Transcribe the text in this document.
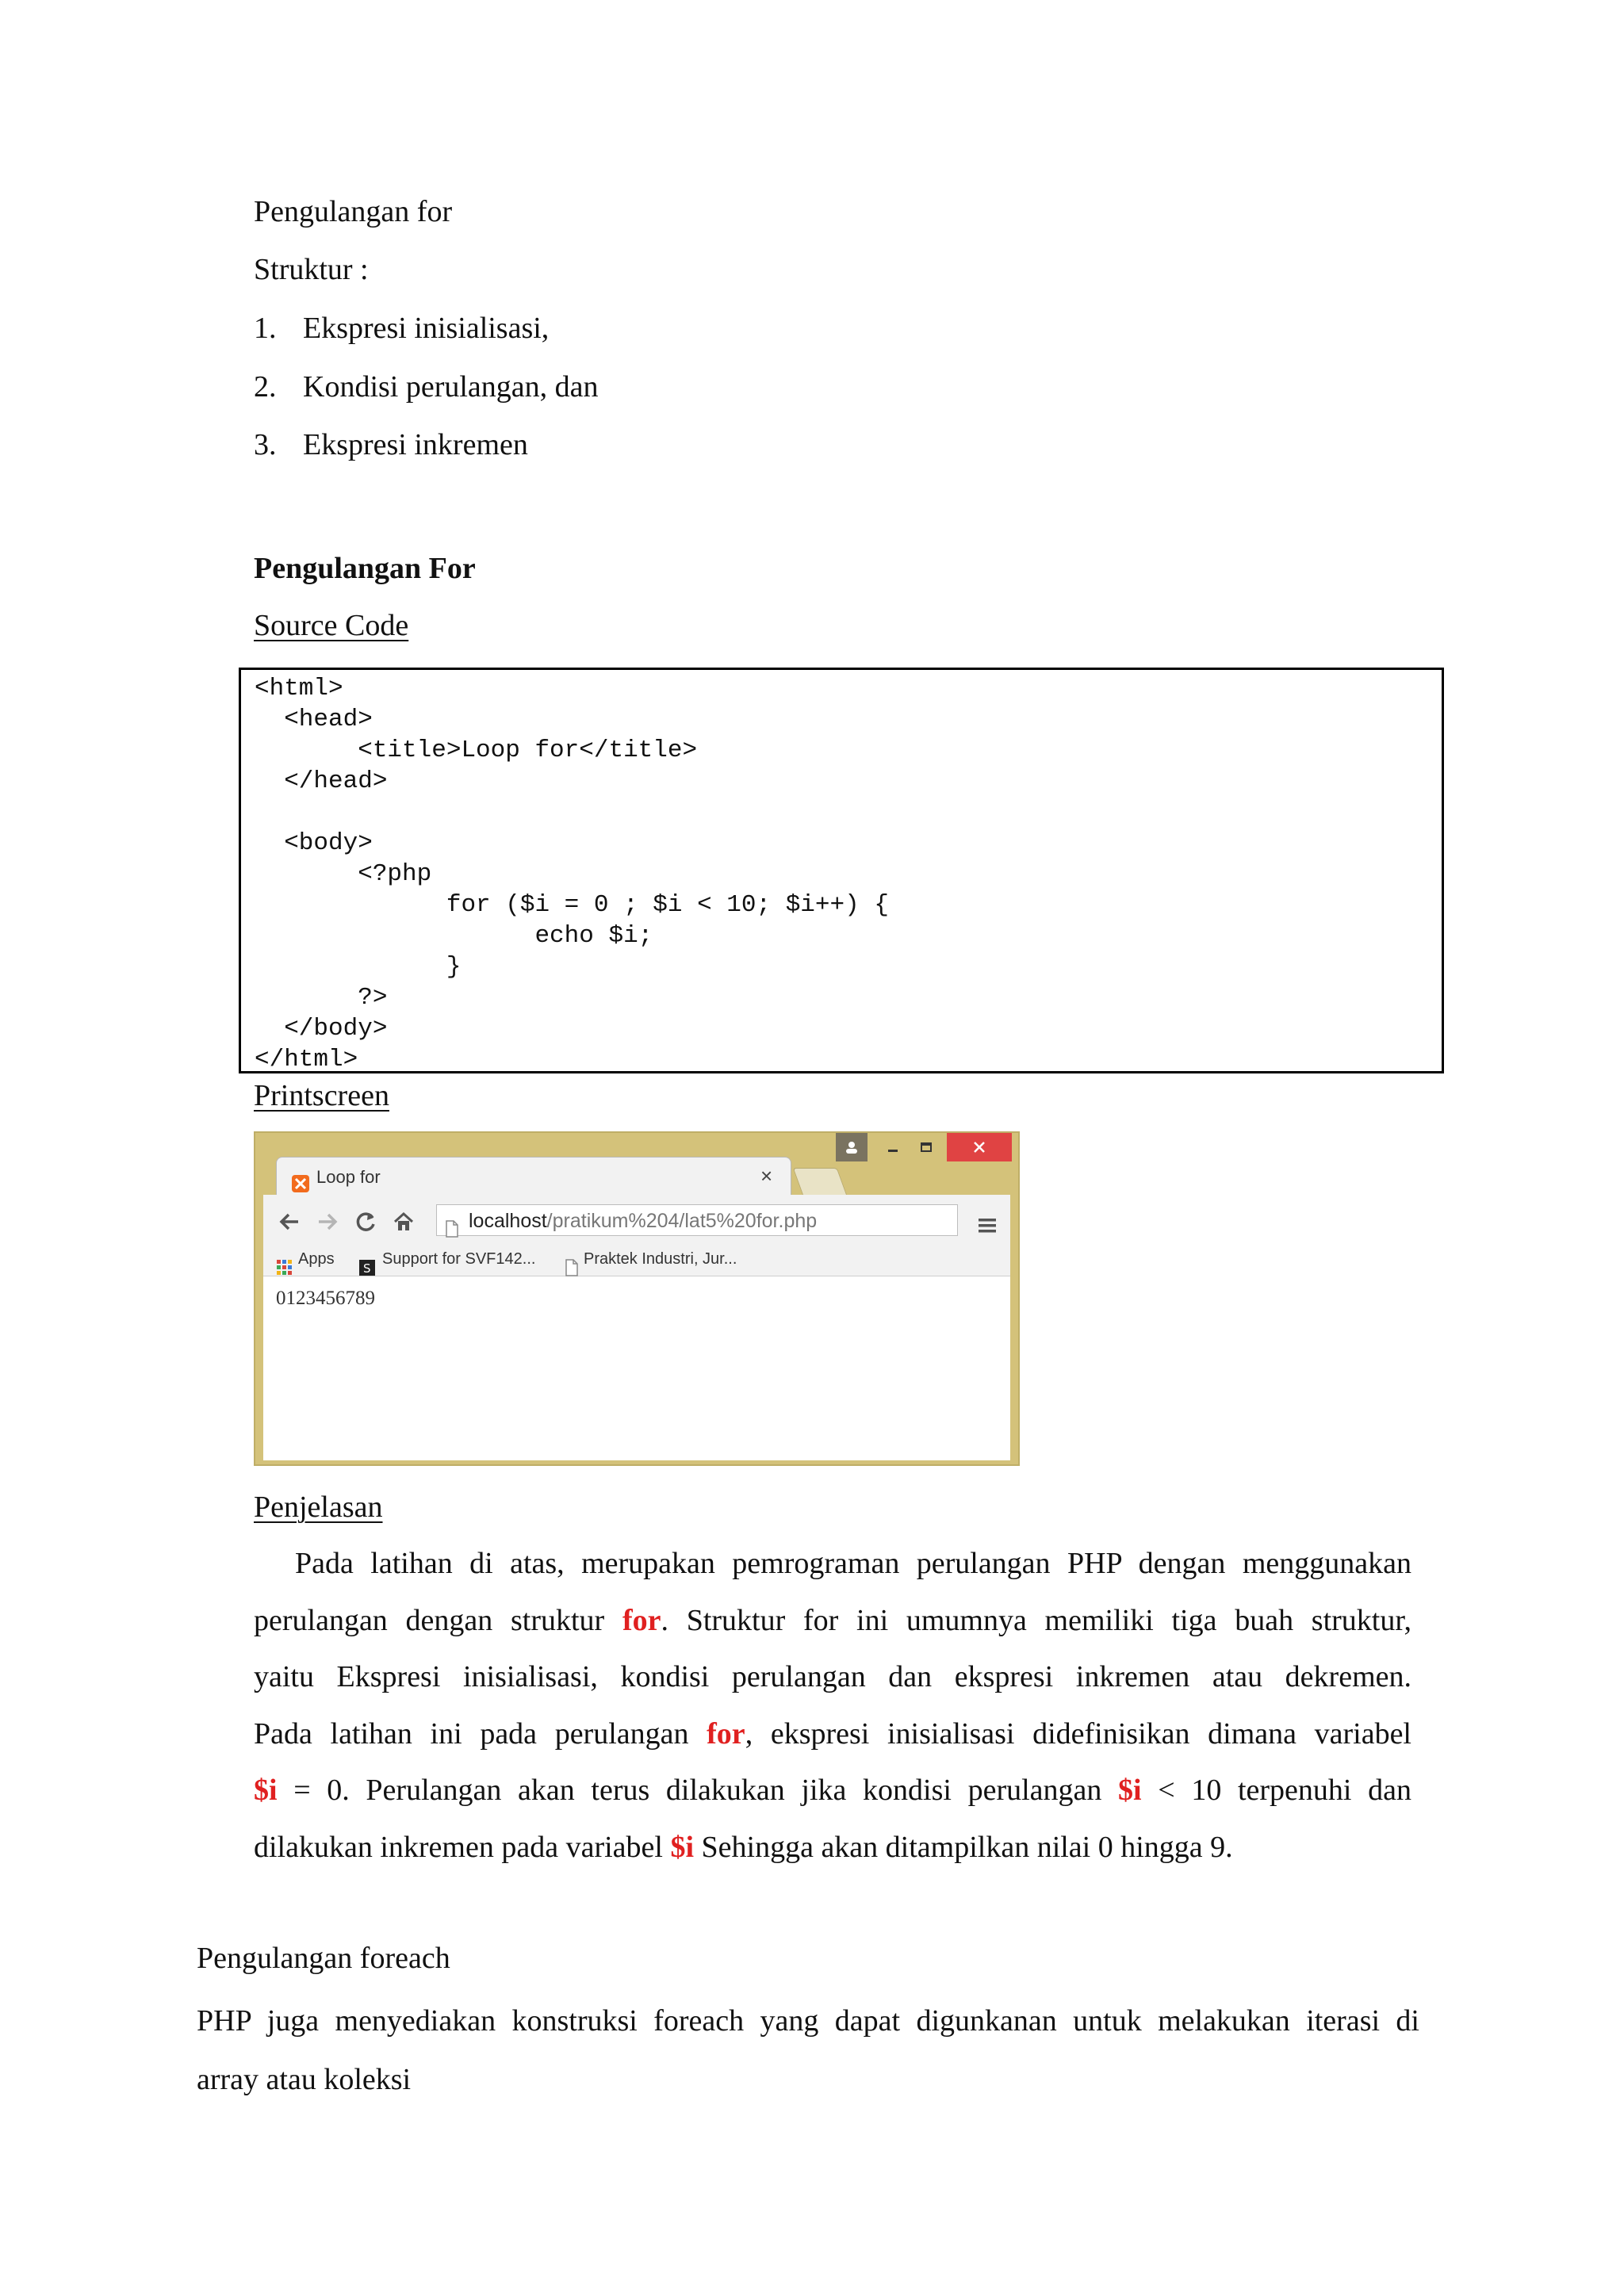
Pengulangan for
Struktur :
1. Ekspresi inisialisasi,
2. Kondisi perulangan, dan
3. Ekspresi inkremen
Pengulangan For
Source Code
<html>
<head>
<title>Loop for</title>
</head>
<body>
<?php
for ($i = 0 ; $i < 10; $i++) {
echo $i;
}
?>
</body>
</html>
Printscreen
Loop for	×
localhost/pratikum%204/lat5%20for.php
Apps
S
Support for SVF142...	Praktek Industri, Jur...
0123456789
Penjelasan
Pada latihan di atas, merupakan pemrograman perulangan PHP dengan menggunakan
perulangan dengan struktur for. Struktur for ini umumnya memiliki tiga buah struktur,
yaitu Ekspresi inisialisasi, kondisi perulangan dan ekspresi inkremen atau dekremen.
Pada latihan ini pada perulangan for, ekspresi inisialisasi didefinisikan dimana variabel
$i = 0. Perulangan akan terus dilakukan jika kondisi perulangan $i < 10 terpenuhi dan
dilakukan inkremen pada variabel $i Sehingga akan ditampilkan nilai 0 hingga 9.
Pengulangan foreach
PHP juga menyediakan konstruksi foreach yang dapat digunkanan untuk melakukan iterasi di
array atau koleksi
